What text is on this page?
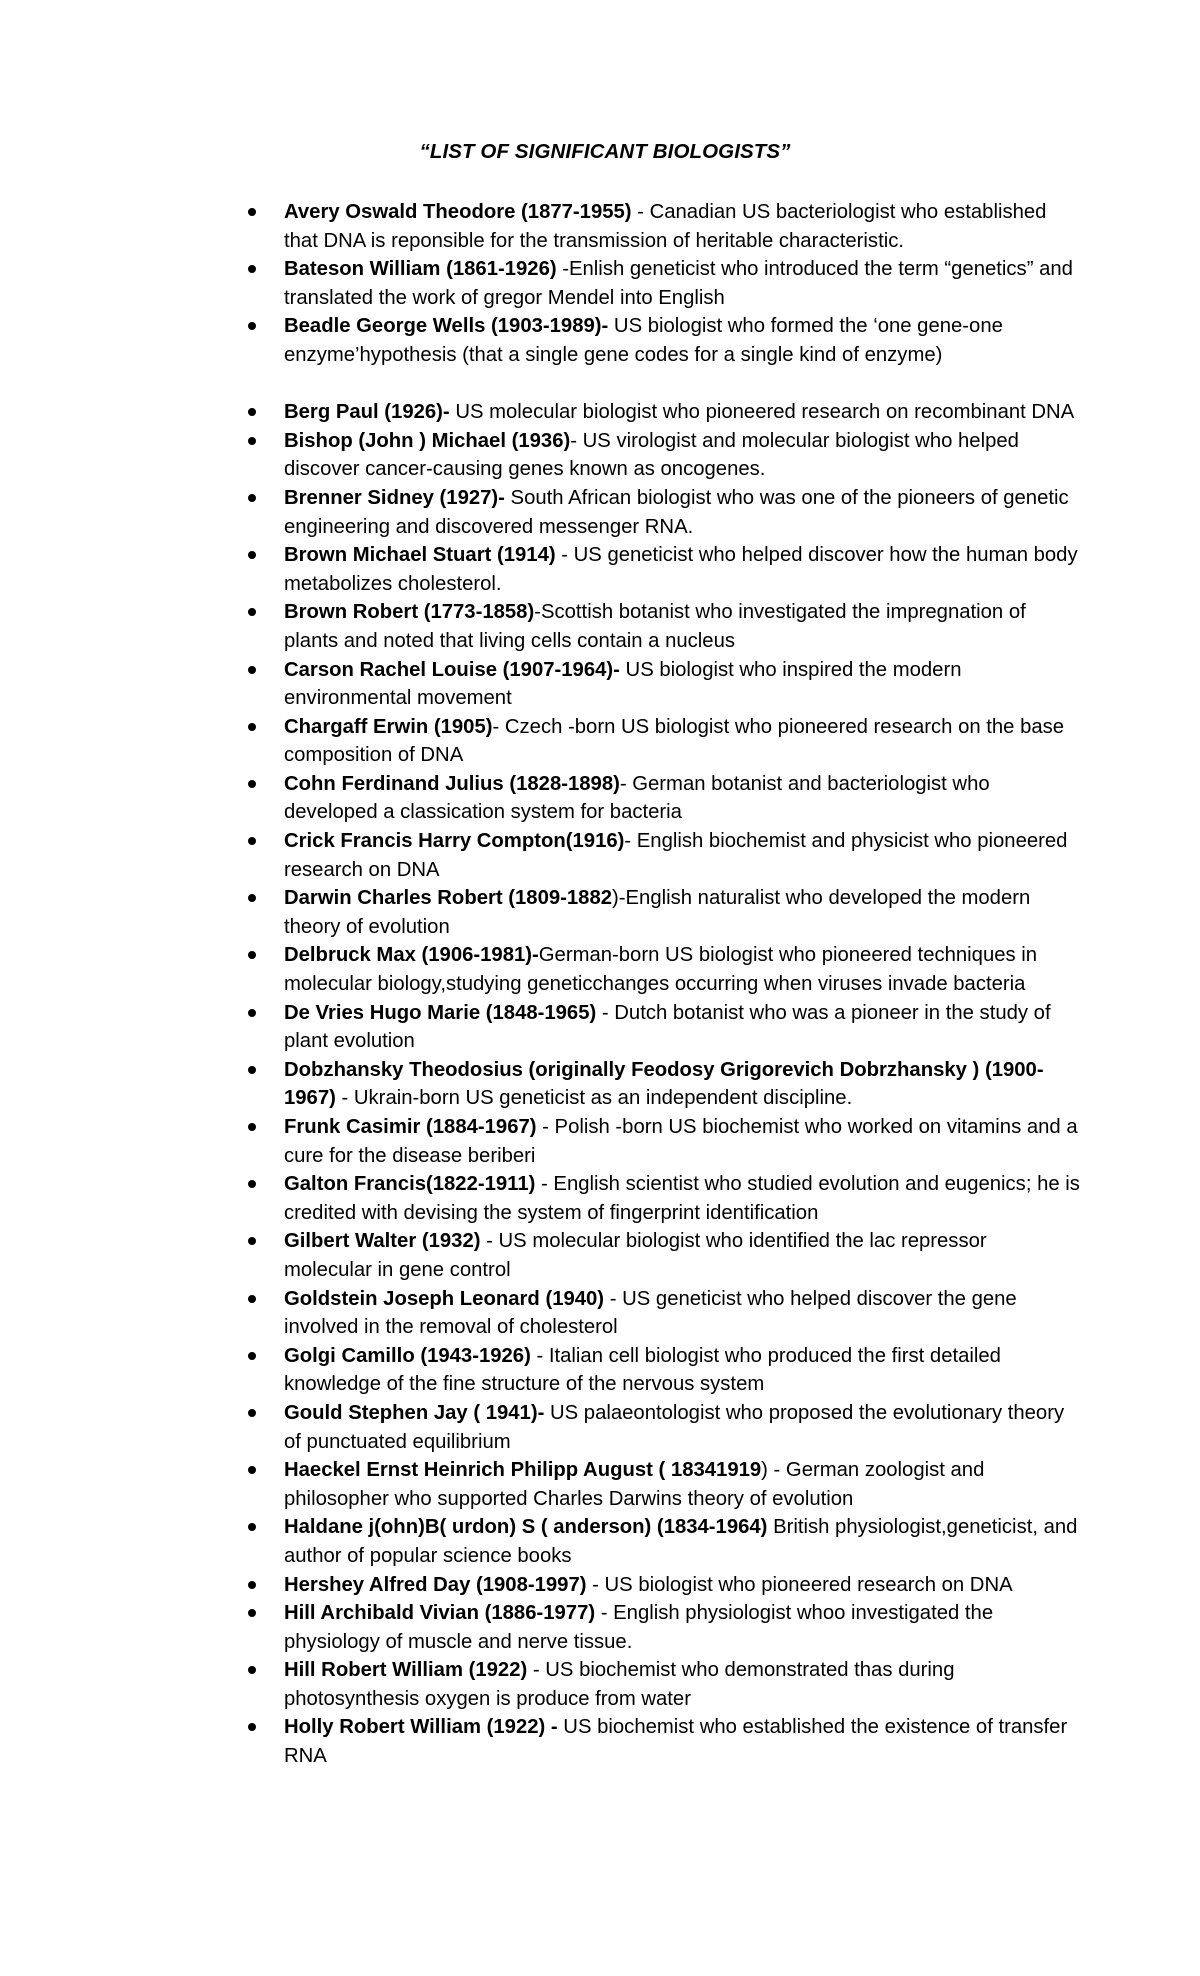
“LIST OF SIGNIFICANT BIOLOGISTS”
Avery Oswald Theodore (1877-1955) - Canadian US bacteriologist who established that DNA is reponsible for the transmission of heritable characteristic.
Bateson William (1861-1926) -Enlish geneticist who introduced the term “genetics” and translated the work of gregor Mendel into English
Beadle George Wells (1903-1989)- US biologist who formed the ‘one gene-one enzyme’hypothesis (that a single gene codes for a single kind of enzyme)
Berg Paul (1926)- US molecular biologist who pioneered research on recombinant DNA
Bishop (John ) Michael (1936)- US virologist and molecular biologist who helped discover cancer-causing genes known as oncogenes.
Brenner Sidney (1927)- South African biologist who was one of the pioneers of genetic engineering and discovered messenger RNA.
Brown Michael Stuart (1914) - US geneticist who helped discover how the human body metabolizes cholesterol.
Brown Robert (1773-1858)-Scottish botanist who investigated the impregnation of plants and noted that living cells contain a nucleus
Carson Rachel Louise (1907-1964)- US biologist who inspired the modern environmental movement
Chargaff Erwin (1905)- Czech -born US biologist who pioneered research on the base composition of DNA
Cohn Ferdinand Julius (1828-1898)- German botanist and bacteriologist who developed a classication system for bacteria
Crick Francis Harry Compton(1916)- English biochemist and physicist who pioneered research on DNA
Darwin Charles Robert (1809-1882)-English naturalist who developed the modern theory of evolution
Delbruck Max (1906-1981)-German-born US biologist who pioneered techniques in molecular biology,studying geneticchanges occurring when viruses invade bacteria
De Vries Hugo Marie (1848-1965) - Dutch botanist who was a pioneer in the study of plant evolution
Dobzhansky Theodosius (originally Feodosy Grigorevich Dobrzhansky ) (1900-1967) - Ukrain-born US geneticist as an independent discipline.
Frunk Casimir (1884-1967) - Polish -born US biochemist who worked on vitamins and a cure for the disease beriberi
Galton Francis(1822-1911) - English scientist who studied evolution and eugenics; he is credited with devising the system of fingerprint identification
Gilbert Walter (1932) - US molecular biologist who identified the lac repressor molecular in gene control
Goldstein Joseph Leonard (1940) - US geneticist who helped discover the gene involved in the removal of cholesterol
Golgi Camillo (1943-1926) - Italian cell biologist who produced the first detailed knowledge of the fine structure of the nervous system
Gould Stephen Jay ( 1941)- US palaeontologist who proposed the evolutionary theory of punctuated equilibrium
Haeckel Ernst Heinrich Philipp August ( 18341919) - German zoologist and philosopher who supported Charles Darwins theory of evolution
Haldane j(ohn)B( urdon) S ( anderson) (1834-1964) British physiologist,geneticist, and author of popular science books
Hershey Alfred Day (1908-1997) - US biologist who pioneered research on DNA
Hill Archibald Vivian (1886-1977) - English physiologist whoo investigated the physiology of muscle and nerve tissue.
Hill Robert William (1922) - US biochemist who demonstrated thas during photosynthesis oxygen is produce from water
Holly Robert William (1922) - US biochemist who established the existence of transfer RNA
